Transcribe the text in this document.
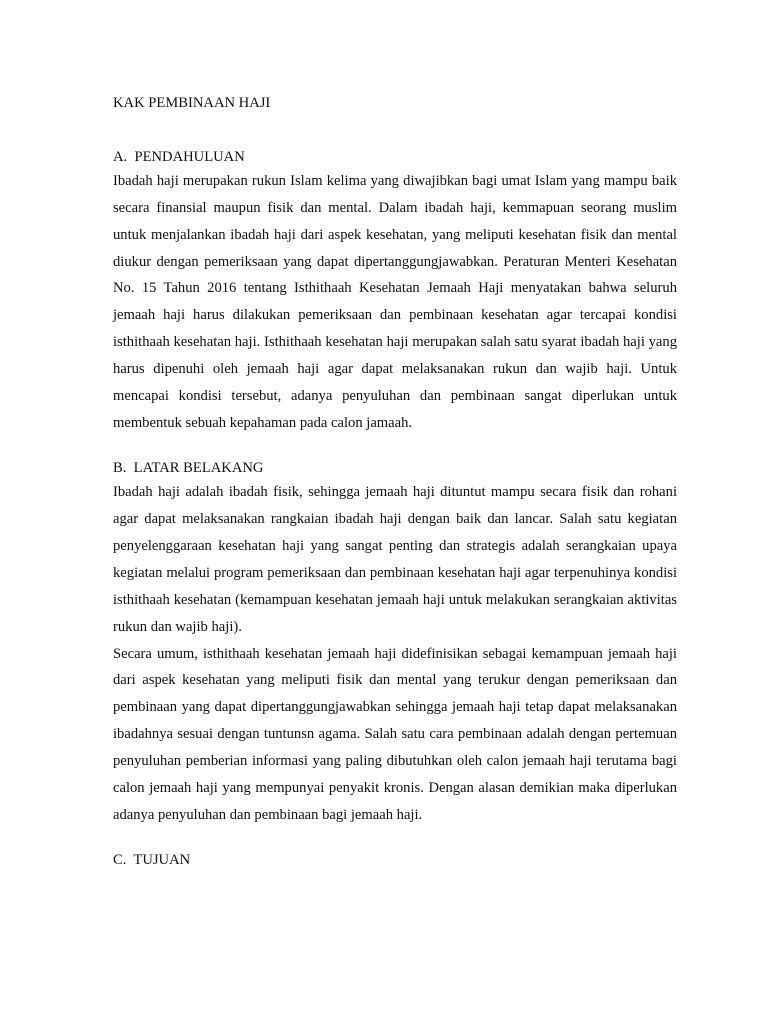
KAK PEMBINAAN HAJI
A.  PENDAHULUAN

Ibadah haji merupakan rukun Islam kelima yang diwajibkan bagi umat Islam yang mampu baik secara finansial maupun fisik dan mental. Dalam ibadah haji, kemmapuan seorang muslim untuk menjalankan ibadah haji dari aspek kesehatan, yang meliputi kesehatan fisik dan mental diukur dengan pemeriksaan yang dapat dipertanggungjawabkan. Peraturan Menteri Kesehatan No. 15 Tahun 2016 tentang Isthithaah Kesehatan Jemaah Haji menyatakan bahwa seluruh jemaah haji harus dilakukan pemeriksaan dan pembinaan kesehatan agar tercapai kondisi isthithaah kesehatan haji. Isthithaah kesehatan haji merupakan salah satu syarat ibadah haji yang harus dipenuhi oleh jemaah haji agar dapat melaksanakan rukun dan wajib haji. Untuk mencapai kondisi tersebut, adanya penyuluhan dan pembinaan sangat diperlukan untuk membentuk sebuah kepahaman pada calon jamaah.

B.  LATAR BELAKANG

Ibadah haji adalah ibadah fisik, sehingga jemaah haji dituntut mampu secara fisik dan rohani agar dapat melaksanakan rangkaian ibadah haji dengan baik dan lancar. Salah satu kegiatan penyelenggaraan kesehatan haji yang sangat penting dan strategis adalah serangkaian upaya kegiatan melalui program pemeriksaan dan pembinaan kesehatan haji agar terpenuhinya kondisi isthithaah kesehatan (kemampuan kesehatan jemaah haji untuk melakukan serangkaian aktivitas rukun dan wajib haji).

Secara umum, isthithaah kesehatan jemaah haji didefinisikan sebagai kemampuan jemaah haji dari aspek kesehatan yang meliputi fisik dan mental yang terukur dengan pemeriksaan dan pembinaan yang dapat dipertanggungjawabkan sehingga jemaah haji tetap dapat melaksanakan ibadahnya sesuai dengan tuntunsn agama. Salah satu cara pembinaan adalah dengan pertemuan penyuluhan pemberian informasi yang paling dibutuhkan oleh calon jemaah haji terutama bagi calon jemaah haji yang mempunyai penyakit kronis. Dengan alasan demikian maka diperlukan adanya penyuluhan dan pembinaan bagi jemaah haji.

C.  TUJUAN
